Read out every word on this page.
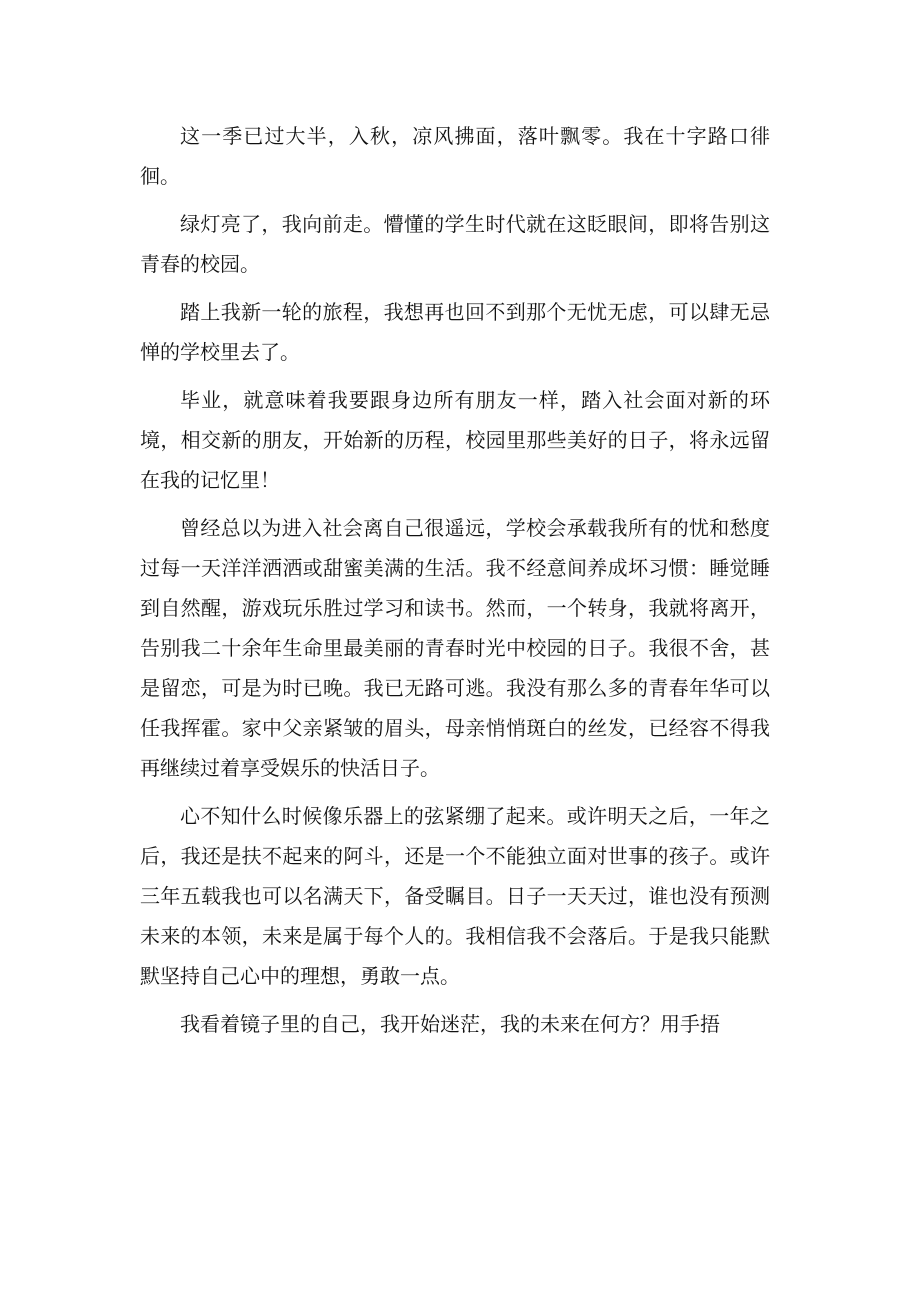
这一季已过大半，入秋，凉风拂面，落叶飘零。我在十字路口徘徊。

绿灯亮了，我向前走。懵懂的学生时代就在这眨眼间，即将告别这青春的校园。

踏上我新一轮的旅程，我想再也回不到那个无忧无虑，可以肆无忌惮的学校里去了。

毕业，就意味着我要跟身边所有朋友一样，踏入社会面对新的环境，相交新的朋友，开始新的历程，校园里那些美好的日子，将永远留在我的记忆里！

曾经总以为进入社会离自己很遥远，学校会承载我所有的忧和愁度过每一天洋洋洒洒或甜蜜美满的生活。我不经意间养成坏习惯：睡觉睡到自然醒，游戏玩乐胜过学习和读书。然而，一个转身，我就将离开，告别我二十余年生命里最美丽的青春时光中校园的日子。我很不舍，甚是留恋，可是为时已晚。我已无路可逃。我没有那么多的青春年华可以任我挥霍。家中父亲紧皱的眉头，母亲悄悄斑白的丝发，已经容不得我再继续过着享受娱乐的快活日子。

心不知什么时候像乐器上的弦紧绷了起来。或许明天之后，一年之后，我还是扶不起来的阿斗，还是一个不能独立面对世事的孩子。或许三年五载我也可以名满天下，备受瞩目。日子一天天过，谁也没有预测未来的本领，未来是属于每个人的。我相信我不会落后。于是我只能默默坚持自己心中的理想，勇敢一点。

我看着镜子里的自己，我开始迷茫，我的未来在何方？用手捂
